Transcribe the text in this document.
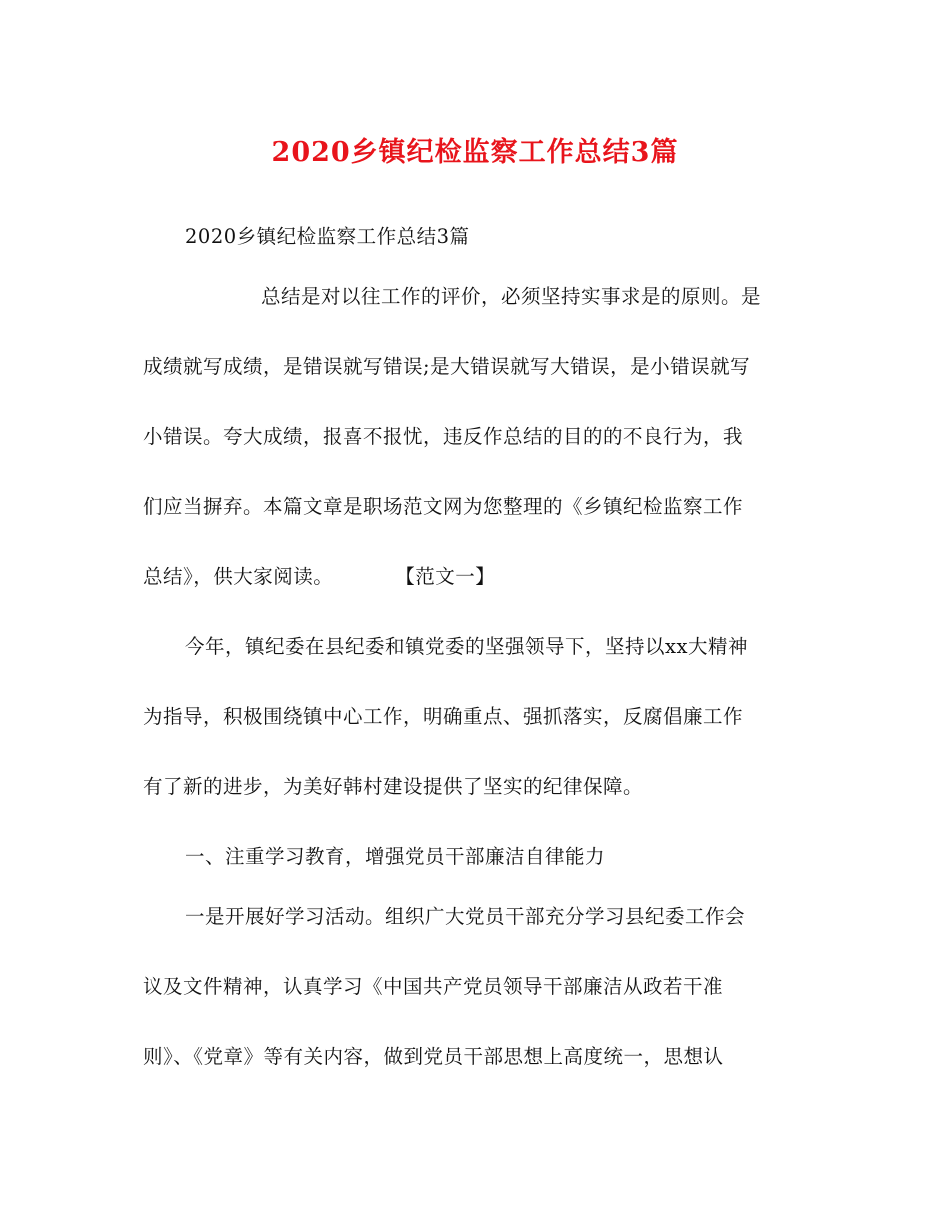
2020乡镇纪检监察工作总结3篇
2020乡镇纪检监察工作总结3篇
总结是对以往工作的评价，必须坚持实事求是的原则。是
成绩就写成绩，是错误就写错误;是大错误就写大错误，是小错误就写
小错误。夸大成绩，报喜不报忧，违反作总结的目的的不良行为，我
们应当摒弃。本篇文章是职场范文网为您整理的《乡镇纪检监察工作
总结》，供大家阅读。	【范文一】
今年，镇纪委在县纪委和镇党委的坚强领导下，坚持以xx大精神
为指导，积极围绕镇中心工作，明确重点、强抓落实，反腐倡廉工作
有了新的进步，为美好韩村建设提供了坚实的纪律保障。
一、注重学习教育，增强党员干部廉洁自律能力
一是开展好学习活动。组织广大党员干部充分学习县纪委工作会
议及文件精神，认真学习《中国共产党员领导干部廉洁从政若干准
则》、《党章》等有关内容，做到党员干部思想上高度统一，思想认
